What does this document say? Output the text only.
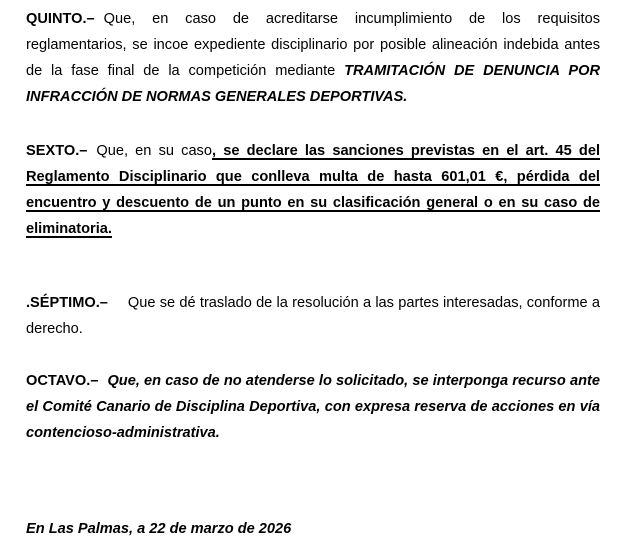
QUINTO.– Que, en caso de acreditarse incumplimiento de los requisitos reglamentarios, se incoe expediente disciplinario por posible alineación indebida antes de la fase final de la competición mediante TRAMITACIÓN DE DENUNCIA POR INFRACCIÓN DE NORMAS GENERALES DEPORTIVAS.

SEXTO.– Que, en su caso, se declare las sanciones previstas en el art. 45 del Reglamento Disciplinario que conlleva multa de hasta 601,01 €, pérdida del encuentro y descuento de un punto en su clasificación general o en su caso de eliminatoria.

.SÉPTIMO.– Que se dé traslado de la resolución a las partes interesadas, conforme a derecho.

OCTAVO.– Que, en caso de no atenderse lo solicitado, se interponga recurso ante el Comité Canario de Disciplina Deportiva, con expresa reserva de acciones en vía contencioso-administrativa.

En Las Palmas, a 22 de marzo de 2026
